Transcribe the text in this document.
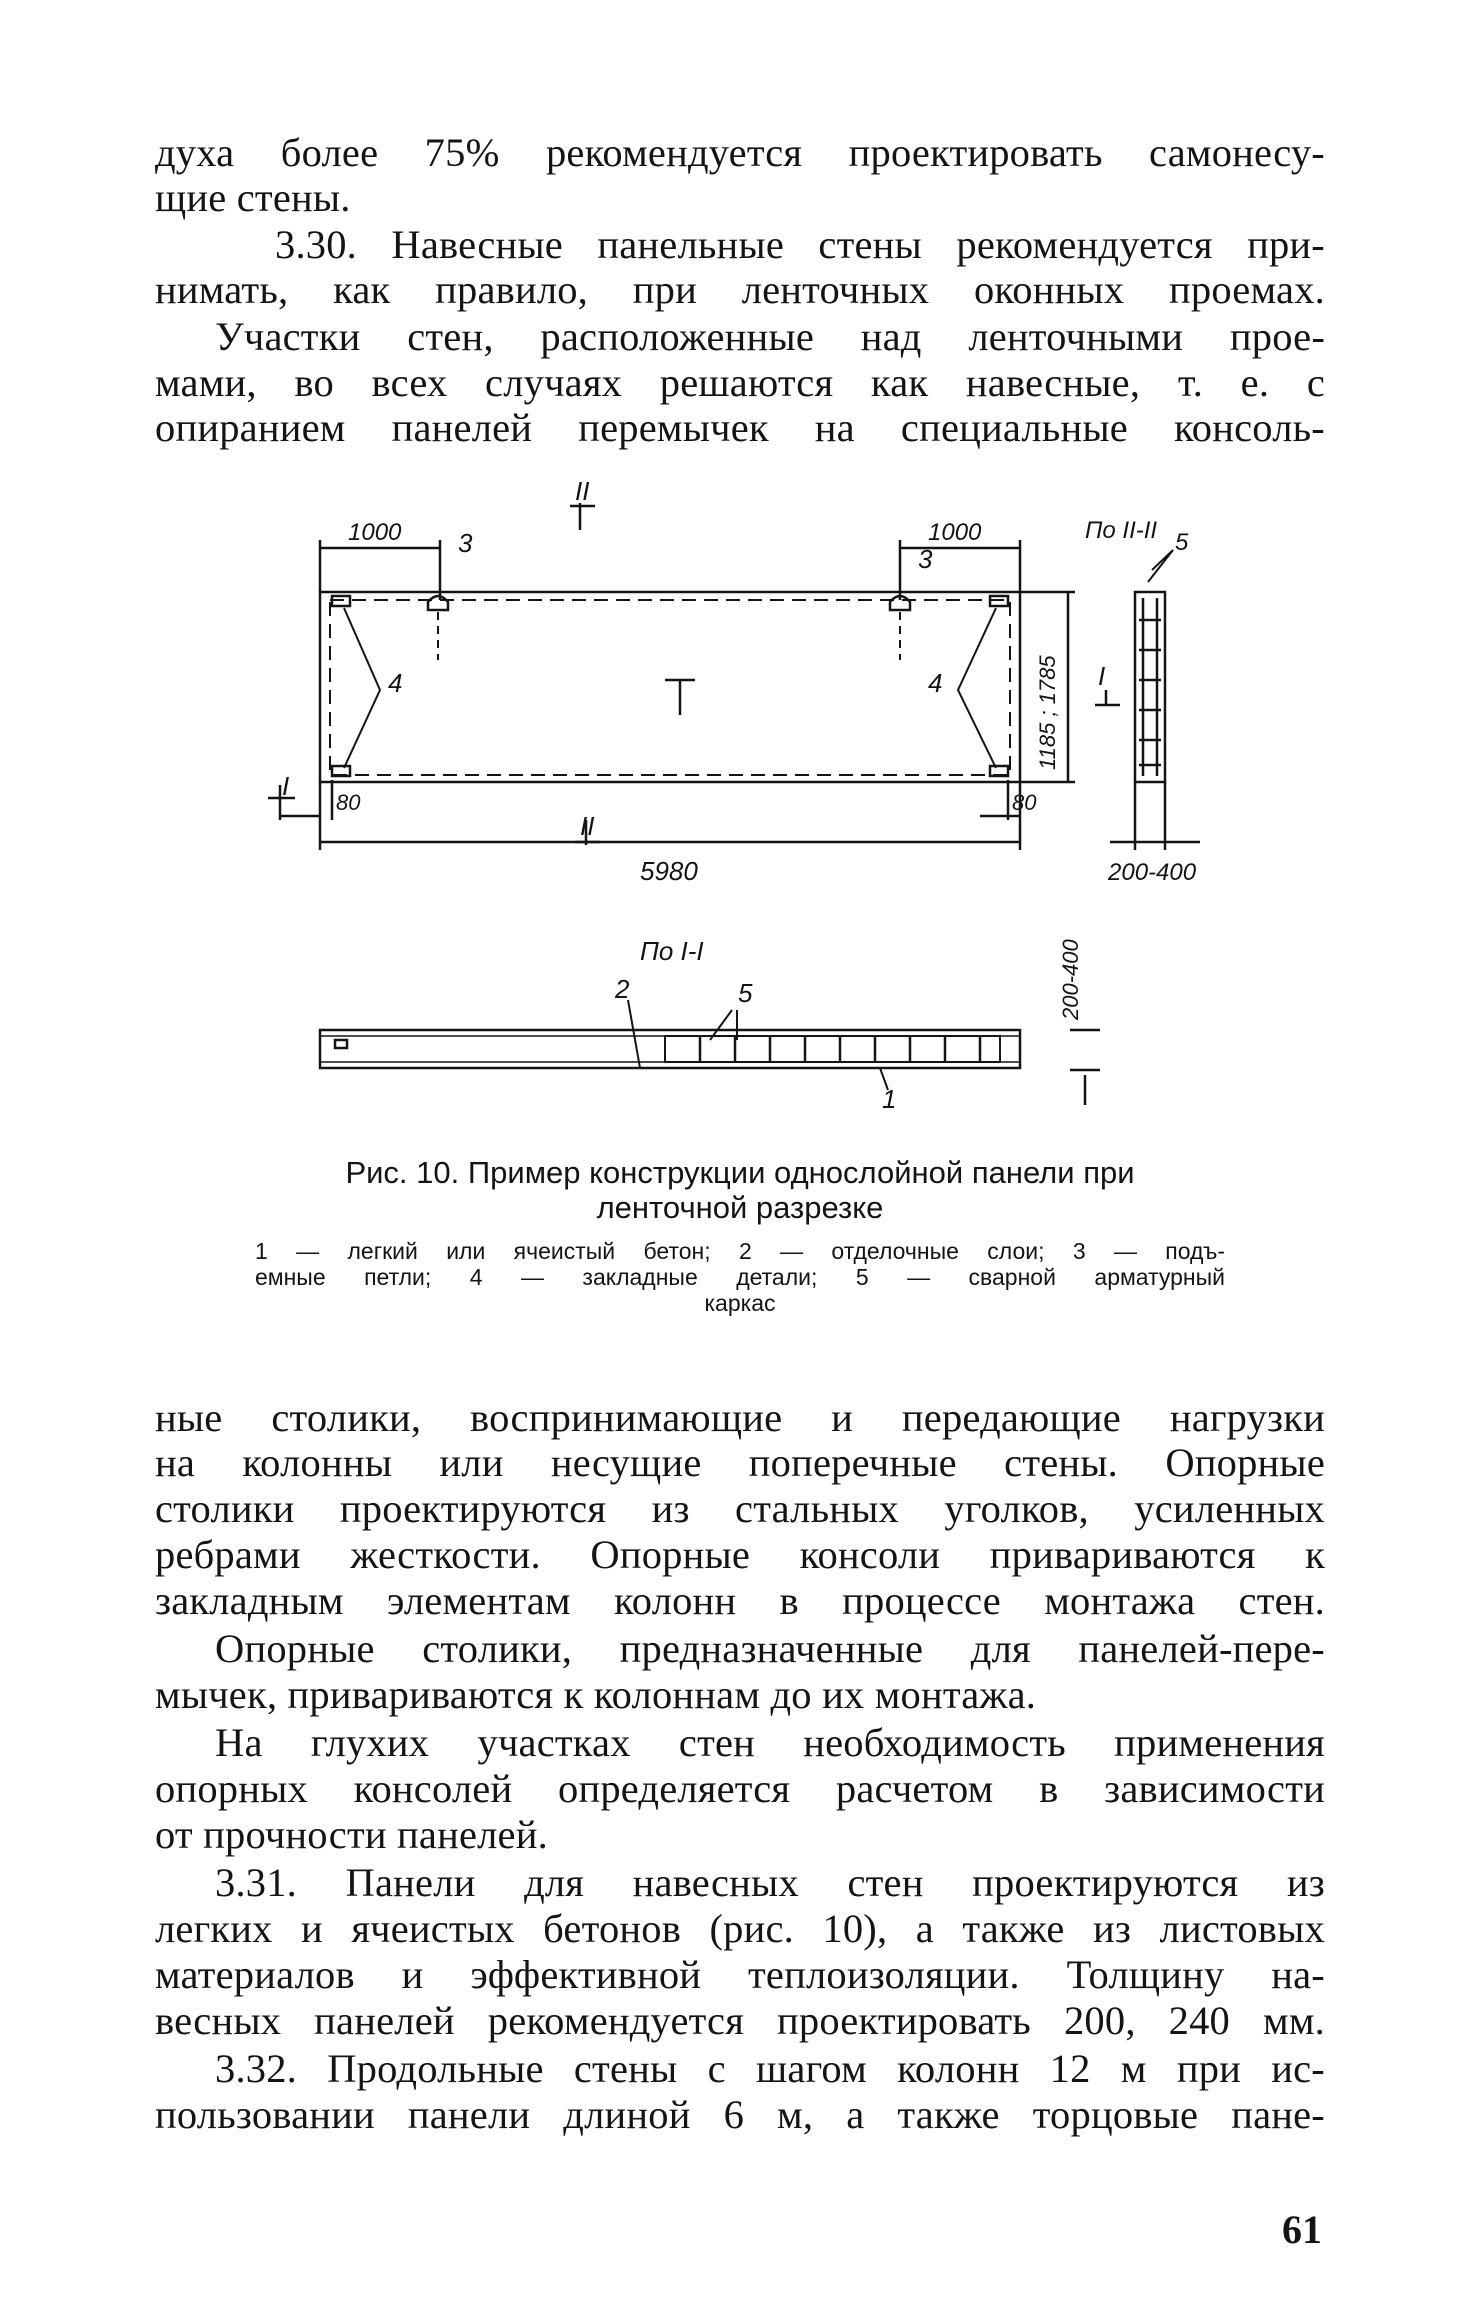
духа более 75% рекомендуется проектировать самонесу-
щие стены.
3.30. Навесные панельные стены рекомендуется при-
нимать, как правило, при ленточных оконных проемах.
Участки стен, расположенные над ленточными прое-
мами, во всех случаях решаются как навесные, т. е. с
опиранием панелей перемычек на специальные консоль-
1000	1000
3
3
4	4
II
II
I
I
80	80
5980
1185 ; 1785
По II-II 5
200-400
По I-I
2	5
1
200-400
Рис. 10. Пример конструкции однослойной панели при
ленточной разрезке
1 — легкий или ячеистый бетон; 2 — отделочные слои; 3 — подъ-
емные петли; 4 — закладные детали; 5 — сварной арматурный
каркас
ные столики, воспринимающие и передающие нагрузки
на колонны или несущие поперечные стены. Опорные
столики проектируются из стальных уголков, усиленных
ребрами жесткости. Опорные консоли привариваются к
закладным элементам колонн в процессе монтажа стен.
Опорные столики, предназначенные для панелей-пере-
мычек, привариваются к колоннам до их монтажа.
На глухих участках стен необходимость применения
опорных консолей определяется расчетом в зависимости
от прочности панелей.
3.31. Панели для навесных стен проектируются из
легких и ячеистых бетонов (рис. 10), а также из листовых
материалов и эффективной теплоизоляции. Толщину на-
весных панелей рекомендуется проектировать 200, 240 мм.
3.32. Продольные стены с шагом колонн 12 м при ис-
пользовании панели длиной 6 м, а также торцовые пане-
61
